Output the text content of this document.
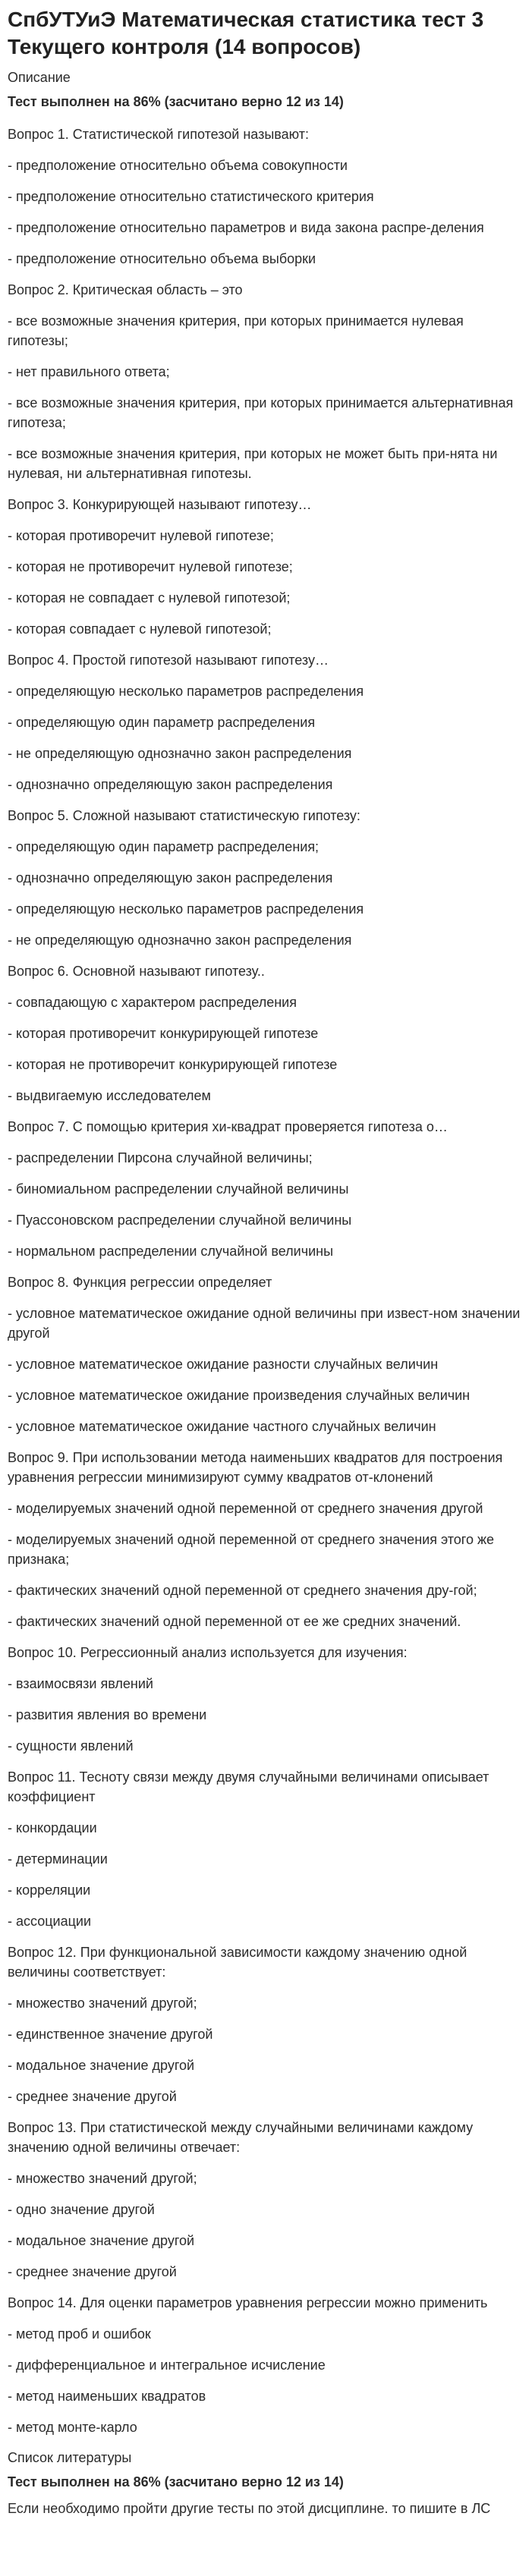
СпбУТУиЭ Математическая статистика тест 3 Текущего контроля (14 вопросов)
Описание
Тест выполнен на 86% (засчитано верно 12 из 14)
Вопрос 1. Статистической гипотезой называют:
- предположение относительно объема совокупности
- предположение относительно статистического критерия
- предположение относительно параметров и вида закона распре-деления
- предположение относительно объема выборки
Вопрос 2. Критическая область – это
- все возможные значения критерия, при которых принимается нулевая гипотезы;
- нет правильного ответа;
- все возможные значения критерия, при которых принимается альтернативная гипотеза;
- все возможные значения критерия, при которых не может быть при-нята ни нулевая, ни альтернативная гипотезы.
Вопрос 3. Конкурирующей называют гипотезу…
- которая противоречит нулевой гипотезе;
- которая не противоречит нулевой гипотезе;
- которая не совпадает с нулевой гипотезой;
- которая совпадает с нулевой гипотезой;
Вопрос 4. Простой гипотезой называют гипотезу…
- определяющую несколько параметров распределения
- определяющую один параметр распределения
- не определяющую однозначно закон распределения
- однозначно определяющую закон распределения
Вопрос 5. Сложной называют статистическую гипотезу:
- определяющую один параметр распределения;
- однозначно определяющую закон распределения
- определяющую несколько параметров распределения
- не определяющую однозначно закон распределения
Вопрос 6. Основной называют гипотезу..
- совпадающую с характером распределения
- которая противоречит конкурирующей гипотезе
- которая не противоречит конкурирующей гипотезе
- выдвигаемую исследователем
Вопрос 7. С помощью критерия хи-квадрат проверяется гипотеза о…
- распределении Пирсона случайной величины;
- биномиальном распределении случайной величины
- Пуассоновском распределении случайной величины
- нормальном распределении случайной величины
Вопрос 8. Функция регрессии определяет
- условное математическое ожидание одной величины при извест-ном значении другой
- условное математическое ожидание разности случайных величин
- условное математическое ожидание произведения случайных величин
- условное математическое ожидание частного случайных величин
Вопрос 9. При использовании метода наименьших квадратов для построения уравнения регрессии минимизируют сумму квадратов от-клонений
- моделируемых значений одной переменной от среднего значения другой
- моделируемых значений одной переменной от среднего значения этого же признака;
- фактических значений одной переменной от среднего значения дру-гой;
- фактических значений одной переменной от ее же средних значений.
Вопрос 10. Регрессионный анализ используется для изучения:
- взаимосвязи явлений
- развития явления во времени
- сущности явлений
Вопрос 11. Тесноту связи между двумя случайными величинами описывает коэффициент
- конкордации
- детерминации
- корреляции
- ассоциации
Вопрос 12. При функциональной зависимости каждому значению одной величины соответствует:
- множество значений другой;
- единственное значение другой
- модальное значение другой
- среднее значение другой
Вопрос 13. При статистической между случайными величинами каждому значению одной величины отвечает:
- множество значений другой;
- одно значение другой
- модальное значение другой
- среднее значение другой
Вопрос 14. Для оценки параметров уравнения регрессии можно применить
- метод проб и ошибок
- дифференциальное и интегральное исчисление
- метод наименьших квадратов
- метод монте-карло
Список литературы
Тест выполнен на 86% (засчитано верно 12 из 14)
Если необходимо пройти другие тесты по этой дисциплине. то пишите в ЛС
